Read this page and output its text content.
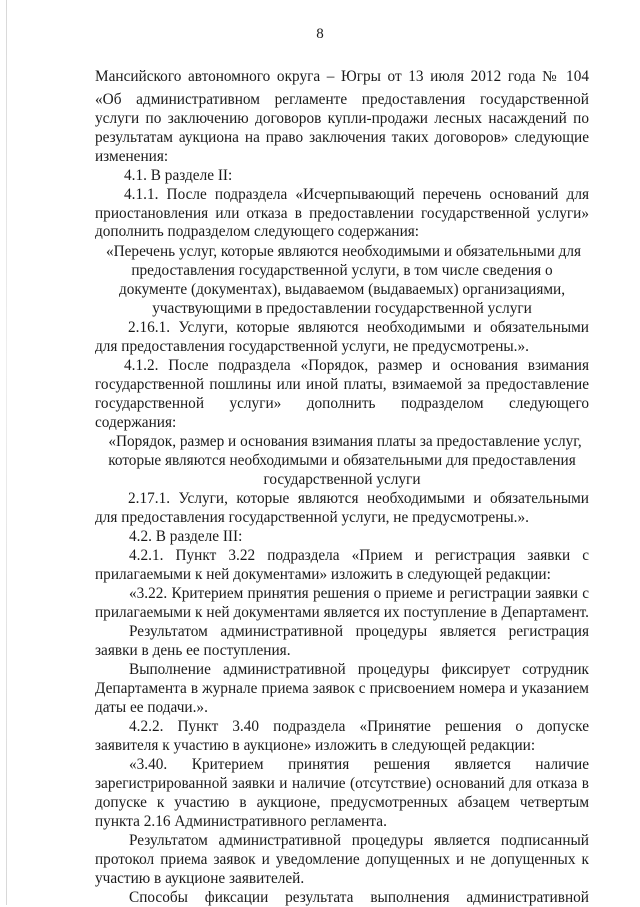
8
Мансийского автономного округа – Югры от 13 июля 2012 года № 104
«Об административном регламенте предоставления государственной
услуги по заключению договоров купли-продажи лесных насаждений по
результатам аукциона на право заключения таких договоров» следующие
изменения:
4.1. В разделе II:
4.1.1. После подраздела «Исчерпывающий перечень оснований для
приостановления или отказа в предоставлении государственной услуги»
дополнить подразделом следующего содержания:
«Перечень услуг, которые являются необходимыми и обязательными для
предоставления государственной услуги, в том числе сведения о
документе (документах), выдаваемом (выдаваемых) организациями,
участвующими в предоставлении государственной услуги
2.16.1. Услуги, которые являются необходимыми и обязательными
для предоставления государственной услуги, не предусмотрены.».
4.1.2. После подраздела «Порядок, размер и основания взимания
государственной пошлины или иной платы, взимаемой за предоставление
государственной услуги» дополнить подразделом следующего
содержания:
«Порядок, размер и основания взимания платы за предоставление услуг,
которые являются необходимыми и обязательными для предоставления
государственной услуги
2.17.1. Услуги, которые являются необходимыми и обязательными
для предоставления государственной услуги, не предусмотрены.».
4.2. В разделе III:
4.2.1. Пункт 3.22 подраздела «Прием и регистрация заявки с
прилагаемыми к ней документами» изложить в следующей редакции:
«3.22. Критерием принятия решения о приеме и регистрации заявки с
прилагаемыми к ней документами является их поступление в Департамент.
Результатом административной процедуры является регистрация
заявки в день ее поступления.
Выполнение административной процедуры фиксирует сотрудник
Департамента в журнале приема заявок с присвоением номера и указанием
даты ее подачи.».
4.2.2. Пункт 3.40 подраздела «Принятие решения о допуске
заявителя к участию в аукционе» изложить в следующей редакции:
«3.40. Критерием принятия решения является наличие
зарегистрированной заявки и наличие (отсутствие) оснований для отказа в
допуске к участию в аукционе, предусмотренных абзацем четвертым
пункта 2.16 Административного регламента.
Результатом административной процедуры является подписанный
протокол приема заявок и уведомление допущенных и не допущенных к
участию в аукционе заявителей.
Способы фиксации результата выполнения административной
